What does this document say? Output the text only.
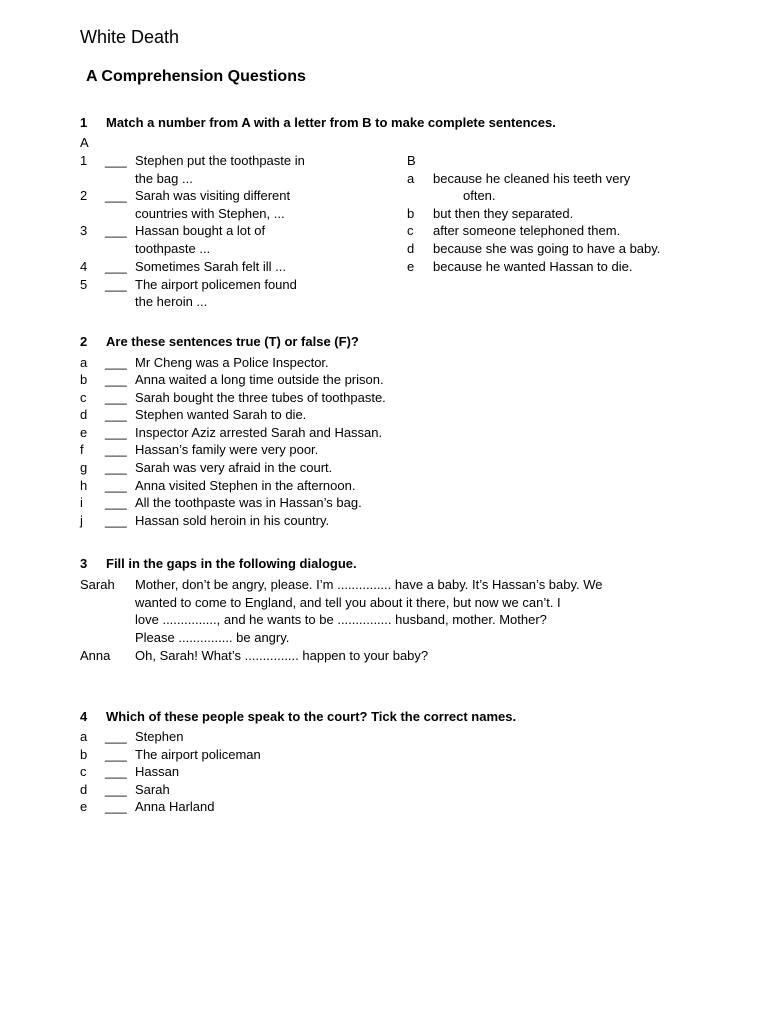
White Death
A Comprehension Questions
1 Match a number from A with a letter from B to make complete sentences.
A
1 ___ Stephen put the toothpaste in
the bag ...
2 ___ Sarah was visiting different
countries with Stephen, ...
3 ___ Hassan bought a lot of
toothpaste ...
4 ___ Sometimes Sarah felt ill ...
5 ___ The airport policemen found
the heroin ...
B
a because he cleaned his teeth very
often.
b but then they separated.
c after someone telephoned them.
d because she was going to have a baby.
e because he wanted Hassan to die.
2 Are these sentences true (T) or false (F)?
a ___ Mr Cheng was a Police Inspector.
b ___ Anna waited a long time outside the prison.
c ___ Sarah bought the three tubes of toothpaste.
d ___ Stephen wanted Sarah to die.
e ___ Inspector Aziz arrested Sarah and Hassan.
f ___ Hassan’s family were very poor.
g ___ Sarah was very afraid in the court.
h ___ Anna visited Stephen in the afternoon.
i ___ All the toothpaste was in Hassan’s bag.
j ___ Hassan sold heroin in his country.
3 Fill in the gaps in the following dialogue.
Sarah Mother, don’t be angry, please. I’m ............... have a baby. It’s Hassan’s baby. We
wanted to come to England, and tell you about it there, but now we can’t. I
love ..............., and he wants to be ............... husband, mother. Mother?
Please ............... be angry.
Anna Oh, Sarah! What’s ............... happen to your baby?
4 Which of these people speak to the court? Tick the correct names.
a ___ Stephen
b ___ The airport policeman
c ___ Hassan
d ___ Sarah
e ___ Anna Harland
